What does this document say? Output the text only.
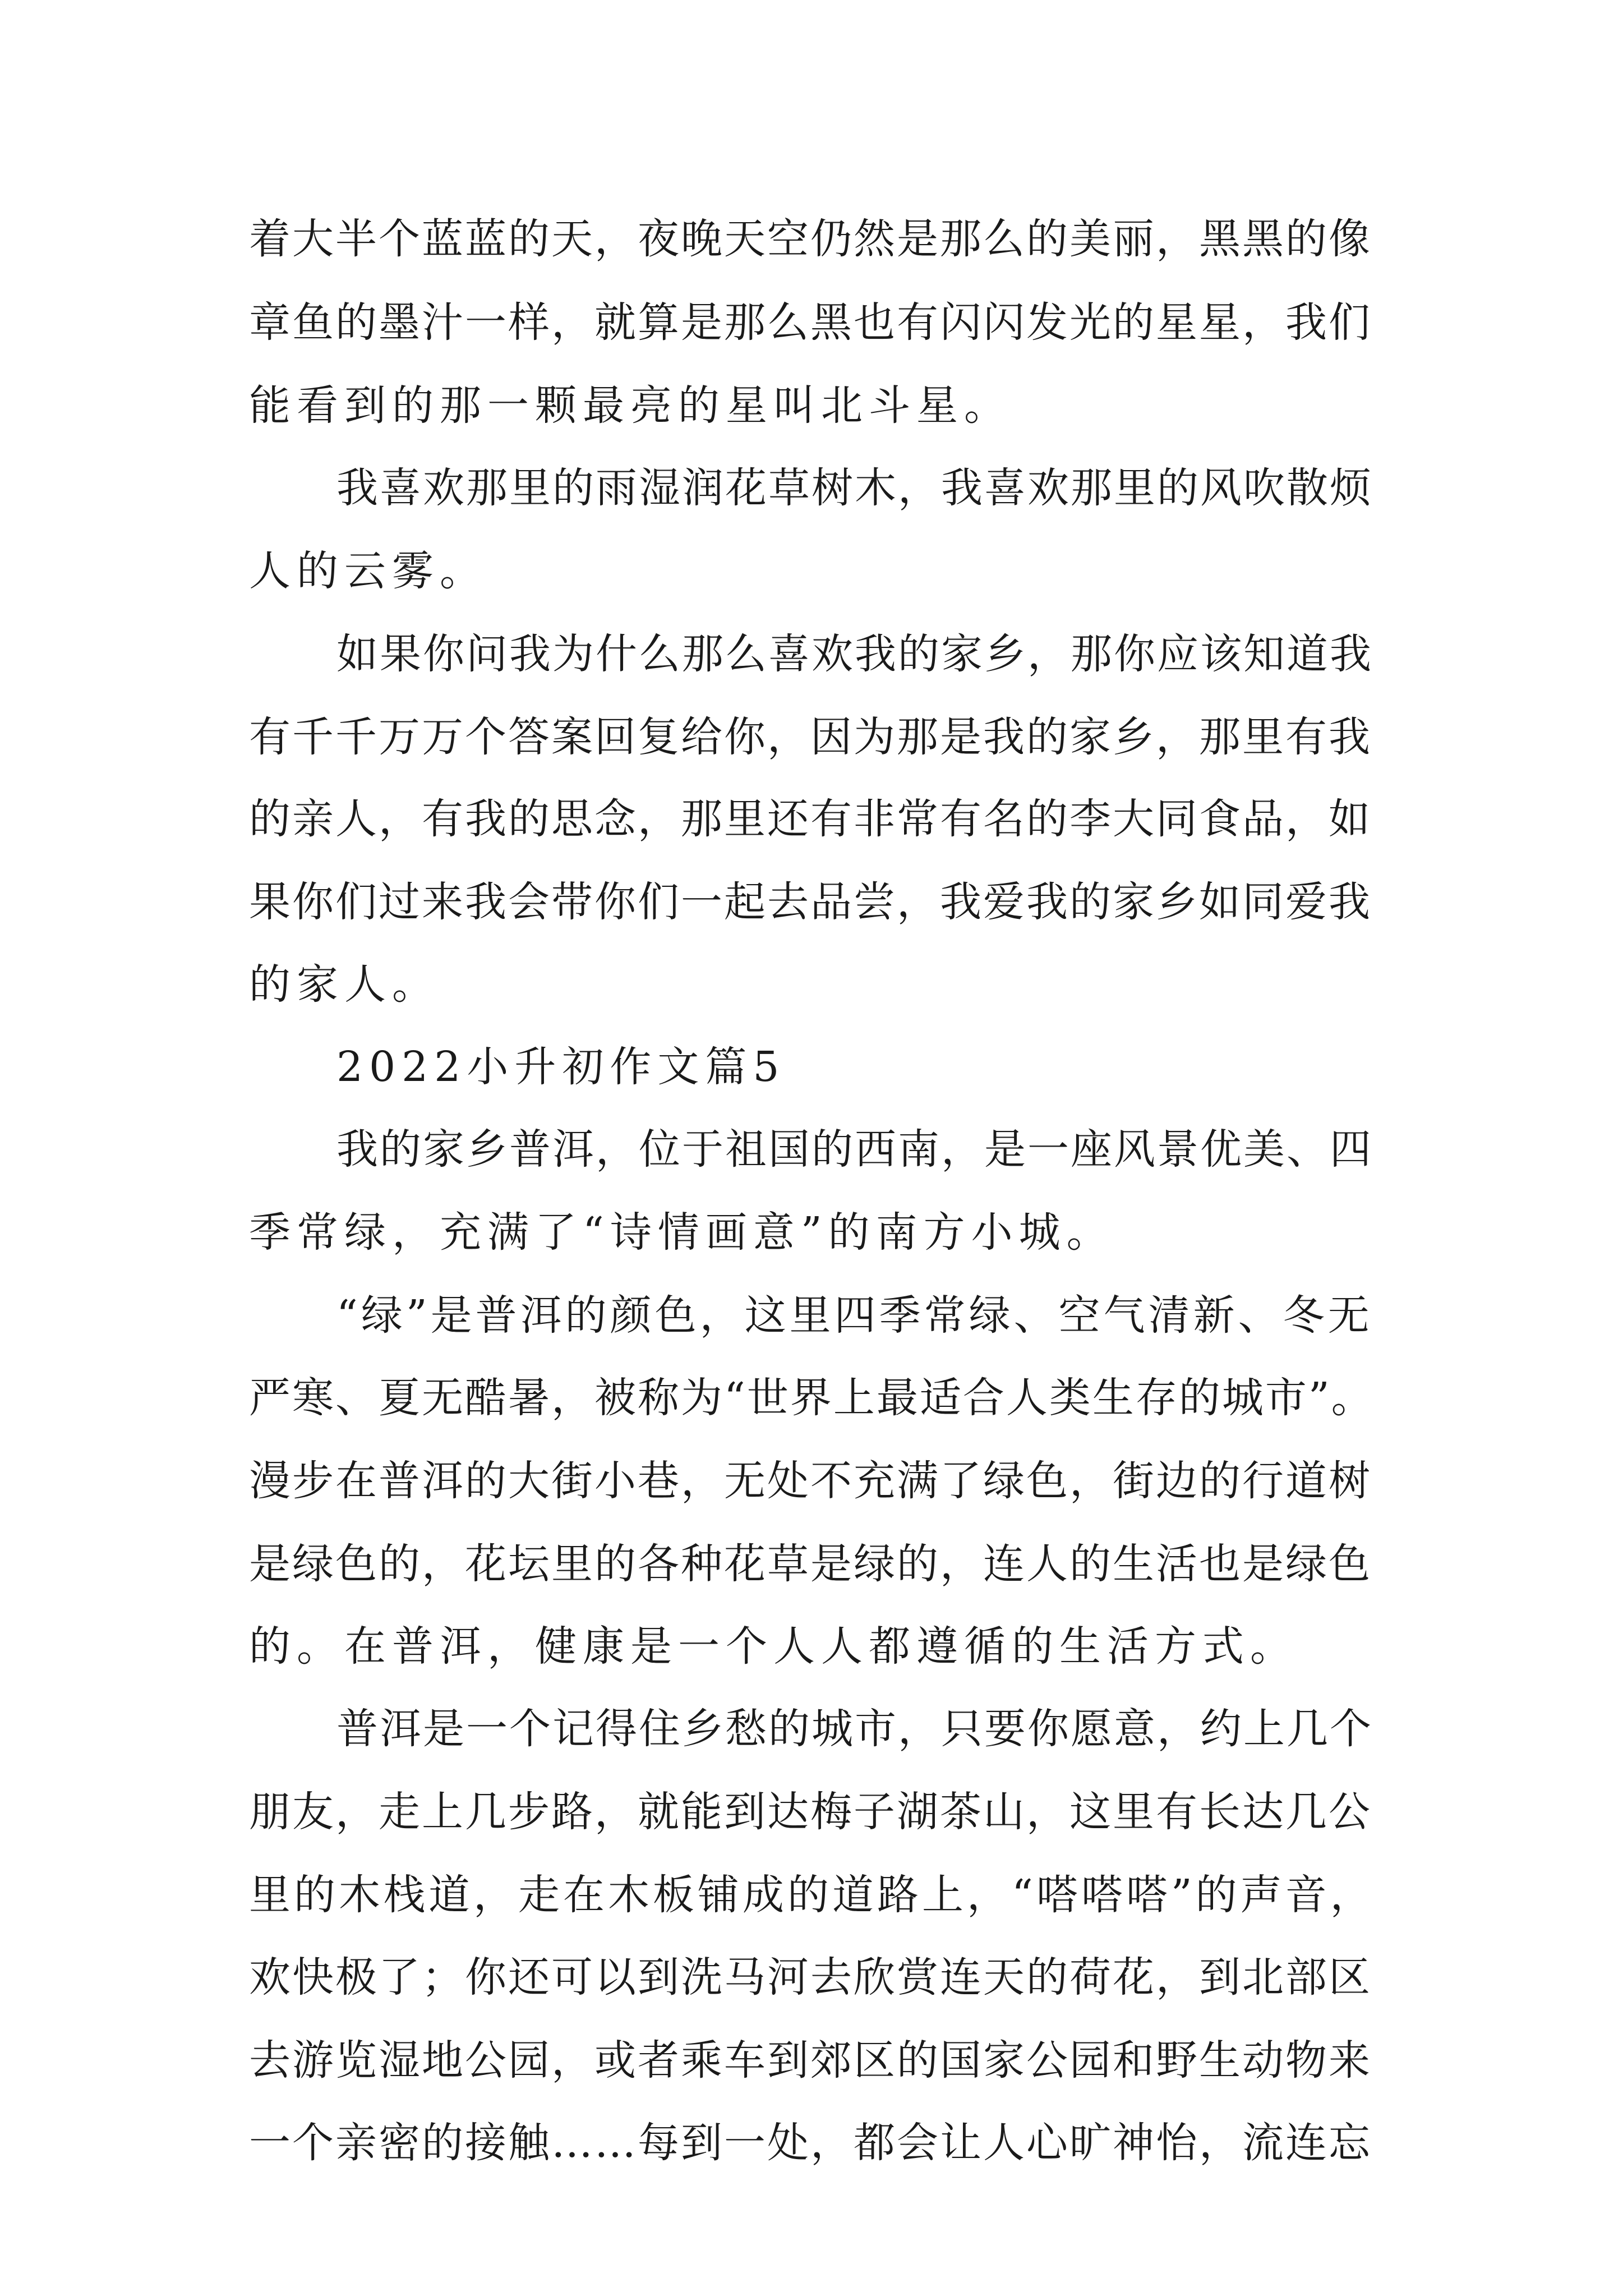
着大半个蓝蓝的天，夜晚天空仍然是那么的美丽，黑黑的像
章鱼的墨汁一样，就算是那么黑也有闪闪发光的星星，我们
能看到的那一颗最亮的星叫北斗星。
我喜欢那里的雨湿润花草树木，我喜欢那里的风吹散烦
人的云雾。
如果你问我为什么那么喜欢我的家乡，那你应该知道我
有千千万万个答案回复给你，因为那是我的家乡，那里有我
的亲人，有我的思念，那里还有非常有名的李大同食品，如
果你们过来我会带你们一起去品尝，我爱我的家乡如同爱我
的家人。
2022小升初作文篇5
我的家乡普洱，位于祖国的西南，是一座风景优美、四
季常绿，充满了“诗情画意”的南方小城。
“绿”是普洱的颜色，这里四季常绿、空气清新、冬无
严寒、夏无酷暑，被称为“世界上最适合人类生存的城市”。
漫步在普洱的大街小巷，无处不充满了绿色，街边的行道树
是绿色的，花坛里的各种花草是绿的，连人的生活也是绿色
的。在普洱，健康是一个人人都遵循的生活方式。
普洱是一个记得住乡愁的城市，只要你愿意，约上几个
朋友，走上几步路，就能到达梅子湖茶山，这里有长达几公
里的木栈道，走在木板铺成的道路上，“嗒嗒嗒”的声音，
欢快极了；你还可以到洗马河去欣赏连天的荷花，到北部区
去游览湿地公园，或者乘车到郊区的国家公园和野生动物来
一个亲密的接触……每到一处，都会让人心旷神怡，流连忘
